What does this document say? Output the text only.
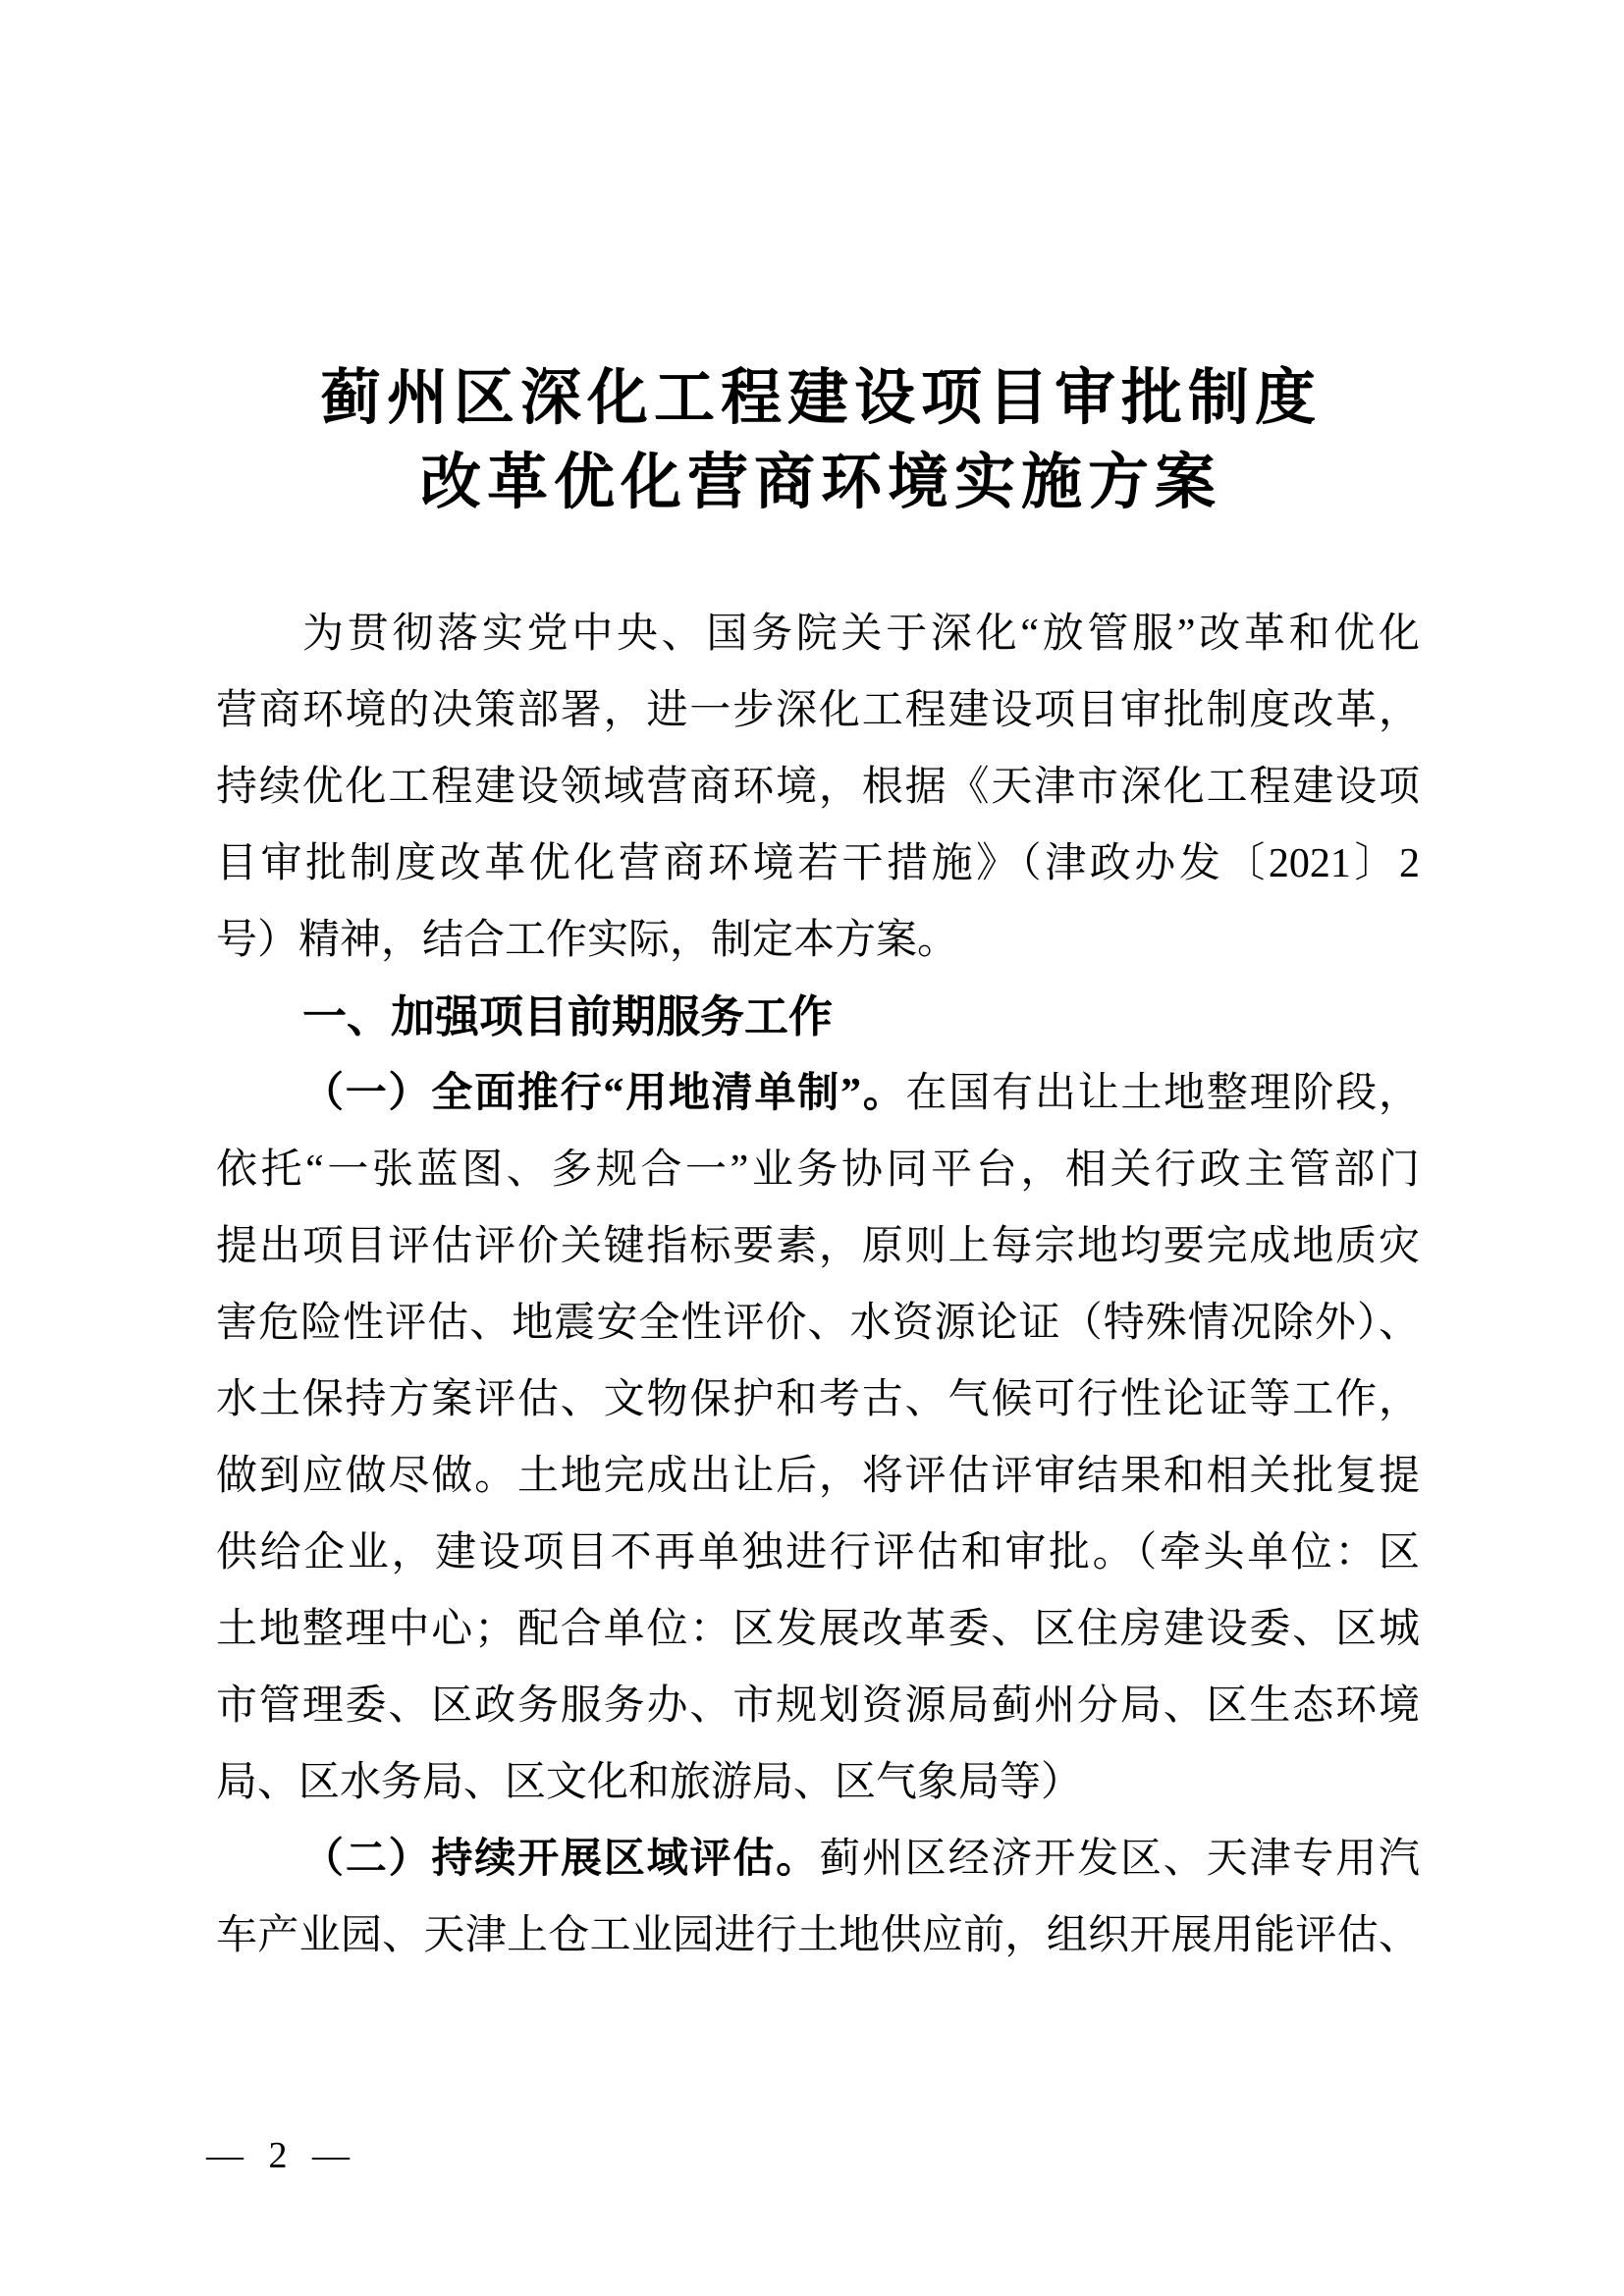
蓟州区深化工程建设项目审批制度
改革优化营商环境实施方案
为贯彻落实党中央、国务院关于深化“放管服”改革和优化
营商环境的决策部署，进一步深化工程建设项目审批制度改革，
持续优化工程建设领域营商环境，根据《天津市深化工程建设项
目审批制度改革优化营商环境若干措施》（津政办发〔2021〕2
号）精神，结合工作实际，制定本方案。
一、加强项目前期服务工作
（一）全面推行“用地清单制”。在国有出让土地整理阶段，
依托“一张蓝图、多规合一”业务协同平台，相关行政主管部门
提出项目评估评价关键指标要素，原则上每宗地均要完成地质灾
害危险性评估、地震安全性评价、水资源论证（特殊情况除外）、
水土保持方案评估、文物保护和考古、气候可行性论证等工作，
做到应做尽做。土地完成出让后，将评估评审结果和相关批复提
供给企业，建设项目不再单独进行评估和审批。（牵头单位：区
土地整理中心；配合单位：区发展改革委、区住房建设委、区城
市管理委、区政务服务办、市规划资源局蓟州分局、区生态环境
局、区水务局、区文化和旅游局、区气象局等）
（二）持续开展区域评估。蓟州区经济开发区、天津专用汽
车产业园、天津上仓工业园进行土地供应前，组织开展用能评估、
— 2 —
